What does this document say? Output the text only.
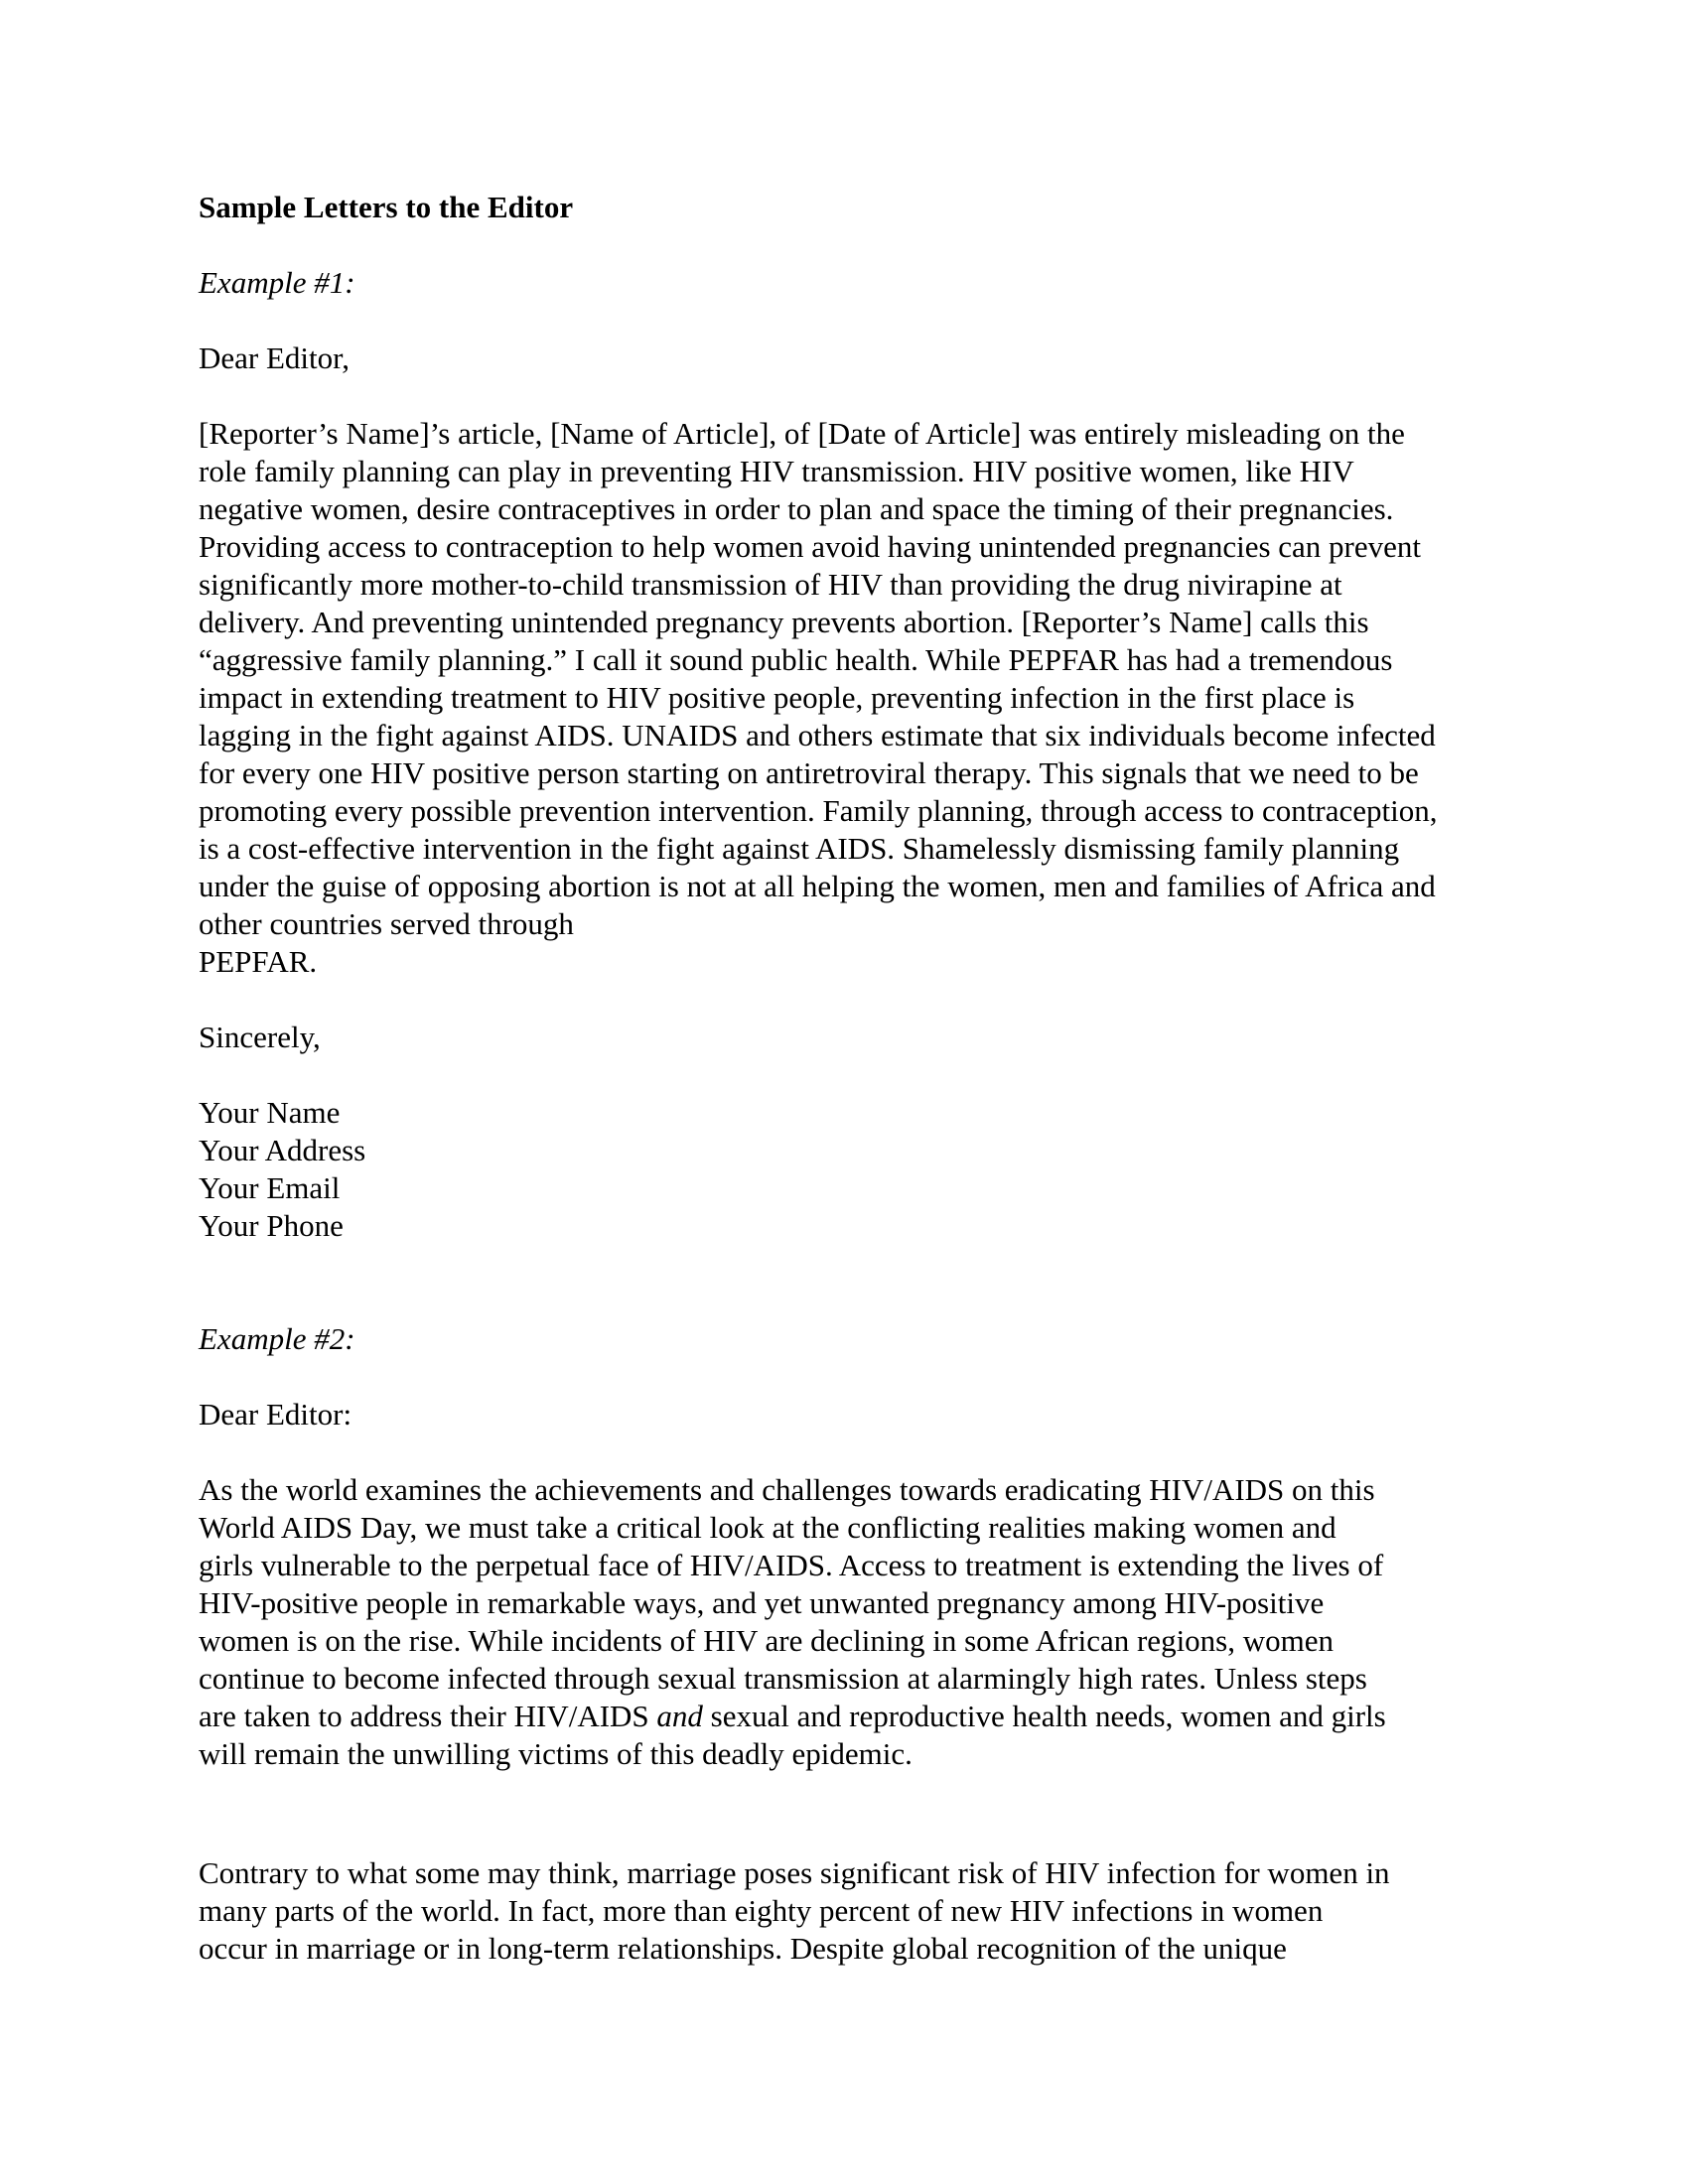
Sample Letters to the Editor

Example #1:

Dear Editor,

[Reporter’s Name]’s article, [Name of Article], of [Date of Article] was entirely misleading on the
role family planning can play in preventing HIV transmission. HIV positive women, like HIV
negative women, desire contraceptives in order to plan and space the timing of their pregnancies.
Providing access to contraception to help women avoid having unintended pregnancies can prevent
significantly more mother-to-child transmission of HIV than providing the drug nivirapine at
delivery. And preventing unintended pregnancy prevents abortion. [Reporter’s Name] calls this
“aggressive family planning.” I call it sound public health. While PEPFAR has had a tremendous
impact in extending treatment to HIV positive people, preventing infection in the first place is
lagging in the fight against AIDS. UNAIDS and others estimate that six individuals become infected
for every one HIV positive person starting on antiretroviral therapy. This signals that we need to be
promoting every possible prevention intervention. Family planning, through access to contraception,
is a cost-effective intervention in the fight against AIDS. Shamelessly dismissing family planning
under the guise of opposing abortion is not at all helping the women, men and families of Africa and
other countries served through
PEPFAR.

Sincerely,

Your Name
Your Address
Your Email
Your Phone

Example #2:

Dear Editor:

As the world examines the achievements and challenges towards eradicating HIV/AIDS on this
World AIDS Day, we must take a critical look at the conflicting realities making women and
girls vulnerable to the perpetual face of HIV/AIDS. Access to treatment is extending the lives of
HIV-positive people in remarkable ways, and yet unwanted pregnancy among HIV-positive
women is on the rise. While incidents of HIV are declining in some African regions, women
continue to become infected through sexual transmission at alarmingly high rates. Unless steps
are taken to address their HIV/AIDS and sexual and reproductive health needs, women and girls
will remain the unwilling victims of this deadly epidemic.
Contrary to what some may think, marriage poses significant risk of HIV infection for women in
many parts of the world. In fact, more than eighty percent of new HIV infections in women
occur in marriage or in long-term relationships. Despite global recognition of the unique
